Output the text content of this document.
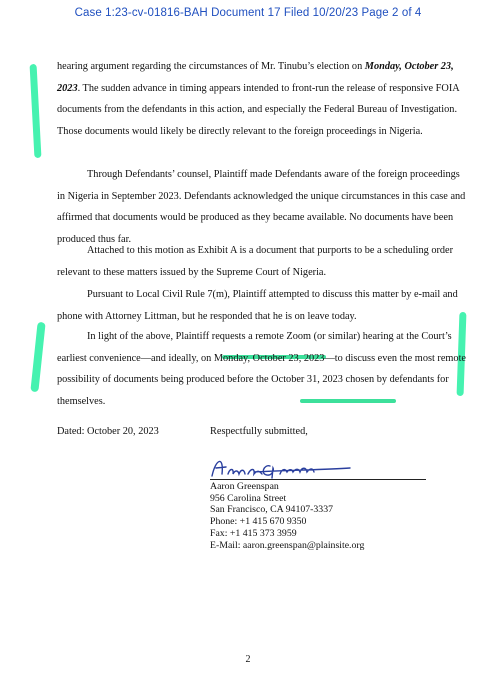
Case 1:23-cv-01816-BAH Document 17 Filed 10/20/23 Page 2 of 4

hearing argument regarding the circumstances of Mr. Tinubu’s election on Monday, October 23,
2023. The sudden advance in timing appears intended to front-run the release of responsive FOIA documents from the defendants in this action, and especially the Federal Bureau of Investigation. Those documents would likely be directly relevant to the foreign proceedings in Nigeria.

Through Defendants’ counsel, Plaintiff made Defendants aware of the foreign proceedings in Nigeria in September 2023. Defendants acknowledged the unique circumstances in this case and affirmed that documents would be produced as they became available. No documents have been produced thus far.

Attached to this motion as Exhibit A is a document that purports to be a scheduling order relevant to these matters issued by the Supreme Court of Nigeria.

Pursuant to Local Civil Rule 7(m), Plaintiff attempted to discuss this matter by e-mail and phone with Attorney Littman, but he responded that he is on leave today.

In light of the above, Plaintiff requests a remote Zoom (or similar) hearing at the Court’s earliest convenience—and ideally, on Monday, October 23, 2023—to discuss even the most remote possibility of documents being produced before the October 31, 2023 chosen by defendants for themselves.

Dated: October 20, 2023	Respectfully submitted,
Aaron Greenspan
956 Carolina Street
San Francisco, CA 94107-3337
Phone: +1 415 670 9350
Fax: +1 415 373 3959
E-Mail: aaron.greenspan@plainsite.org
2
